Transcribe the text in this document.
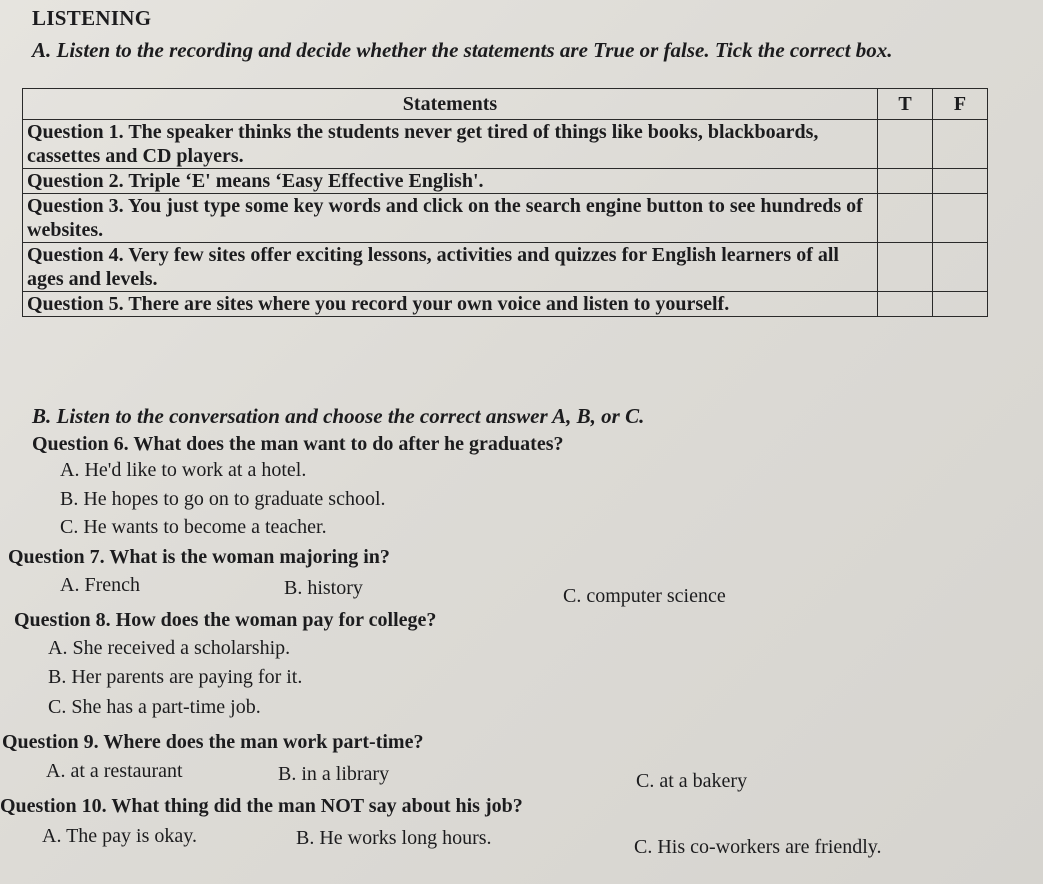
LISTENING
A. Listen to the recording and decide whether the statements are True or false. Tick the correct box.
Statements	T	F
Question 1. The speaker thinks the students never get tired of things like books, blackboards, cassettes and CD players.		
Question 2. Triple ‘E' means ‘Easy Effective English'.		
Question 3. You just type some key words and click on the search engine button to see hundreds of websites.		
Question 4. Very few sites offer exciting lessons, activities and quizzes for English learners of all ages and levels.		
Question 5. There are sites where you record your own voice and listen to yourself.		
B. Listen to the conversation and choose the correct answer A, B, or C.
Question 6. What does the man want to do after he graduates?
A. He'd like to work at a hotel.
B. He hopes to go on to graduate school.
C. He wants to become a teacher.
Question 7. What is the woman majoring in?
A. French	B. history	C. computer science
Question 8. How does the woman pay for college?
A. She received a scholarship.
B. Her parents are paying for it.
C. She has a part-time job.
Question 9. Where does the man work part-time?
A. at a restaurant	B. in a library	C. at a bakery
Question 10. What thing did the man NOT say about his job?
A. The pay is okay.	B. He works long hours.	C. His co-workers are friendly.
